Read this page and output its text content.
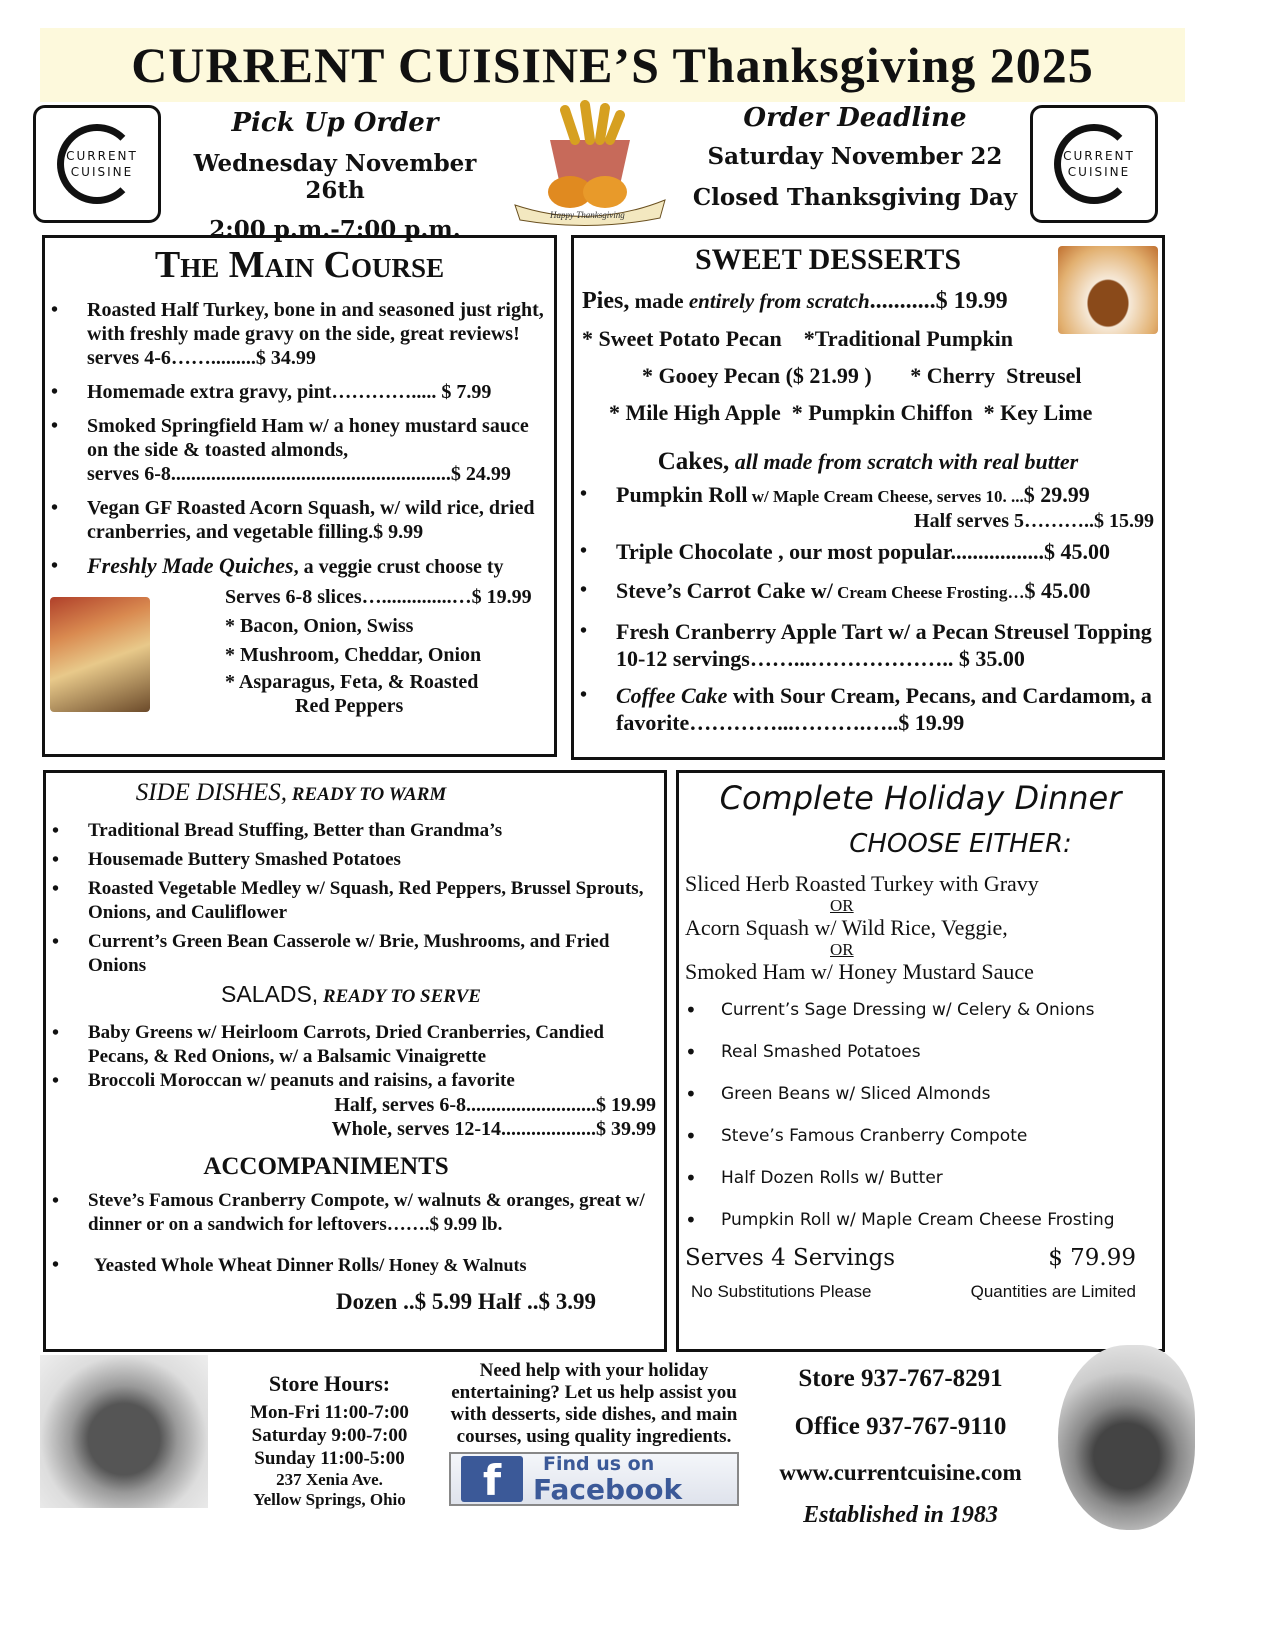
CURRENT CUISINE’S Thanksgiving 2025
CURRENT
CUISINE
CURRENT
CUISINE
Pick Up Order
Wednesday November 26th
2:00 p.m.-7:00 p.m.
Happy Thanksgiving
Order Deadline
Saturday November 22
Closed Thanksgiving Day
The Main Course
• Roasted Half Turkey, bone in and seasoned just right, with freshly made gravy on the side, great reviews! serves 4-6…….........$ 34.99
• Homemade extra gravy, pint…………..... $ 7.99
• Smoked Springfield Ham w/ a honey mustard sauce on the side & toasted almonds,
serves 6-8........................................................$ 24.99
• Vegan GF Roasted Acorn Squash, w/ wild rice, dried cranberries, and vegetable filling.$ 9.99
• Freshly Made Quiches, a veggie crust choose ty
Serves 6-8 slices…..............…$ 19.99
* Bacon, Onion, Swiss
* Mushroom, Cheddar, Onion
* Asparagus, Feta, & Roasted
Red Peppers
SWEET DESSERTS
Pies, made entirely from scratch...........$ 19.99
* Sweet Potato Pecan    *Traditional Pumpkin
* Gooey Pecan ($ 21.99 )       * Cherry  Streusel
* Mile High Apple  * Pumpkin Chiffon  * Key Lime
Cakes, all made from scratch with real butter
• Pumpkin Roll w/ Maple Cream Cheese, serves 10. ...$ 29.99
Half serves 5………..$ 15.99
• Triple Chocolate , our most popular.................$ 45.00
• Steve’s Carrot Cake w/ Cream Cheese Frosting…$ 45.00
• Fresh Cranberry Apple Tart w/ a Pecan Streusel Topping 10-12 servings……...……………….. $ 35.00
• Coffee Cake with Sour Cream, Pecans, and Cardamom, a favorite…………...……….…..$ 19.99
SIDE DISHES, READY TO WARM
• Traditional Bread Stuffing, Better than Grandma’s
• Housemade Buttery Smashed Potatoes
• Roasted Vegetable Medley w/ Squash, Red Peppers, Brussel Sprouts, Onions, and Cauliflower
• Current’s Green Bean Casserole w/ Brie, Mushrooms, and Fried Onions
SALADS, READY TO SERVE
• Baby Greens w/ Heirloom Carrots, Dried Cranberries, Candied Pecans, & Red Onions, w/ a Balsamic Vinaigrette
• Broccoli Moroccan w/ peanuts and raisins, a favorite
Half, serves 6-8..........................$ 19.99
Whole, serves 12-14...................$ 39.99
ACCOMPANIMENTS
• Steve’s Famous Cranberry Compote, w/ walnuts & oranges, great w/ dinner or on a sandwich for leftovers…….$ 9.99 lb.
• Yeasted Whole Wheat Dinner Rolls/ Honey & Walnuts
Dozen ..$ 5.99 Half ..$ 3.99
Complete Holiday Dinner
CHOOSE EITHER:
Sliced Herb Roasted Turkey with Gravy
OR
Acorn Squash w/ Wild Rice, Veggie,
OR
Smoked Ham w/ Honey Mustard Sauce
• Current’s Sage Dressing w/ Celery & Onions
• Real Smashed Potatoes
• Green Beans w/ Sliced Almonds
• Steve’s Famous Cranberry Compote
• Half Dozen Rolls w/ Butter
• Pumpkin Roll w/ Maple Cream Cheese Frosting
Serves 4 Servings	$ 79.99
No Substitutions Please	Quantities are Limited
Store Hours:
Mon-Fri 11:00-7:00
Saturday 9:00-7:00
Sunday 11:00-5:00
237 Xenia Ave.
Yellow Springs, Ohio
Need help with your holiday entertaining? Let us help assist you with desserts, side dishes, and main courses, using quality ingredients.
f	Find us on
Facebook
Store 937-767-8291
Office 937-767-9110
www.currentcuisine.com
Established in 1983
